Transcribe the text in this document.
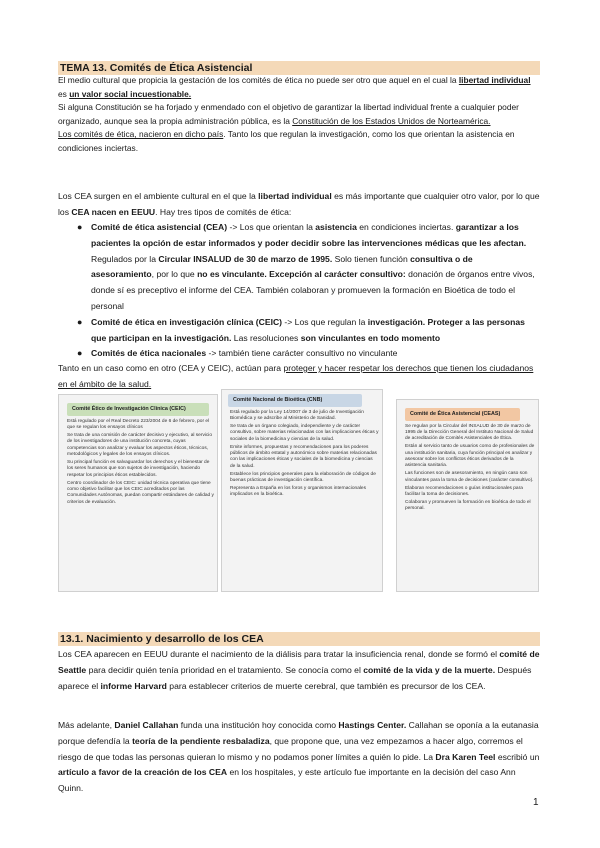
TEMA 13. Comités de Ética Asistencial

El medio cultural que propicia la gestación de los comités de ética no puede ser otro que aquel en el cual la libertad individual es un valor social incuestionable.

Si alguna Constitución se ha forjado y enmendado con el objetivo de garantizar la libertad individual frente a cualquier poder organizado, aunque sea la propia administración pública, es la Constitución de los Estados Unidos de Norteamérica.

Los comités de ética, nacieron en dicho país. Tanto los que regulan la investigación, como los que orientan la asistencia en condiciones inciertas.

Los CEA surgen en el ambiente cultural en el que la libertad individual es más importante que cualquier otro valor, por lo que los CEA nacen en EEUU. Hay tres tipos de comités de ética:
● Comité de ética asistencial (CEA) -> Los que orientan la asistencia en condiciones inciertas. garantizar a los pacientes la opción de estar informados y poder decidir sobre las intervenciones médicas que les afectan. Regulados por la Circular INSALUD de 30 de marzo de 1995. Solo tienen función consultiva o de asesoramiento, por lo que no es vinculante. Excepción al carácter consultivo: donación de órganos entre vivos, donde sí es preceptivo el informe del CEA. También colaboran y promueven la formación en Bioética de todo el personal
● Comité de ética en investigación clínica (CEIC) -> Los que regulan la investigación. Proteger a las personas que participan en la investigación. Las resoluciones son vinculantes en todo momento
● Comités de ética nacionales -> también tiene carácter consultivo no vinculante
Tanto en un caso como en otro (CEA y CEIC), actúan para proteger y hacer respetar los derechos que tienen los ciudadanos en el ámbito de la salud.
Comité Ético de Investigación Clínica (CEIC)
• Está regulado por el Real Decreto 223/2004 de 6 de febrero, por el que se regulan los ensayos clínicos
• Se trata de una comisión de carácter decisivo y ejecutivo, al servicio de los investigadores de una institución concreta, cuyas competencias son analizar y evaluar los aspectos éticos, técnicos, metodológicos y legales de los ensayos clínicos.
• Su principal función es salvaguardar los derechos y el bienestar de los seres humanos que son sujetos de investigación, haciendo respetar los principios éticos establecidos.
• Centro coordinador de los CEIC: unidad técnica operativa que tiene como objetivo facilitar que los CEIC acreditados por las Comunidades Autónomas, puedan compartir estándares de calidad y criterios de evaluación.
Comité Nacional de Bioética (CNB)
• Está regulado por la Ley 14/2007 de 3 de julio de Investigación Biomédica y se adscribe al Ministerio de Sanidad.
• Se trata de un órgano colegiado, independiente y de carácter consultivo, sobre materias relacionadas con las implicaciones éticas y sociales de la biomedicina y ciencias de la salud.
• Emite informes, propuestas y recomendaciones para los poderes públicos de ámbito estatal y autonómico sobre materias relacionadas con las implicaciones éticas y sociales de la biomedicina y ciencias de la salud.
• Establece los principios generales para la elaboración de códigos de buenas prácticas de investigación científica.
• Representa a España en los foros y organismos internacionales implicados en la bioética.
Comité de Ética Asistencial (CEAS)
• Se regulan por la Circular del INSALUD de 30 de marzo de 1995 de la Dirección General del Instituto Nacional de Salud de acreditación de Comités Asistenciales de Ética.
• Están al servicio tanto de usuarios como de profesionales de una institución sanitaria, cuya función principal es analizar y asesorar sobre los conflictos éticos derivados de la asistencia sanitaria.
• Las funciones son de asesoramiento, en ningún caso son vinculantes para la toma de decisiones (carácter consultivo).
• Elaboran recomendaciones o guías institucionales para facilitar la toma de decisiones.
• Colaboran y promueven la formación en bioética de todo el personal.
13.1. Nacimiento y desarrollo de los CEA
Los CEA aparecen en EEUU durante el nacimiento de la diálisis para tratar la insuficiencia renal, donde se formó el comité de Seattle para decidir quién tenía prioridad en el tratamiento. Se conocía como el comité de la vida y de la muerte. Después aparece el informe Harvard para establecer criterios de muerte cerebral, que también es precursor de los CEA.
Más adelante, Daniel Callahan funda una institución hoy conocida como Hastings Center. Callahan se oponía a la eutanasia porque defendía la teoría de la pendiente resbaladiza, que propone que, una vez empezamos a hacer algo, corremos el riesgo de que todas las personas quieran lo mismo y no podamos poner límites a quién lo pide. La Dra Karen Teel escribió un artículo a favor de la creación de los CEA en los hospitales, y este artículo fue importante en la decisión del caso Ann Quinn.
1
